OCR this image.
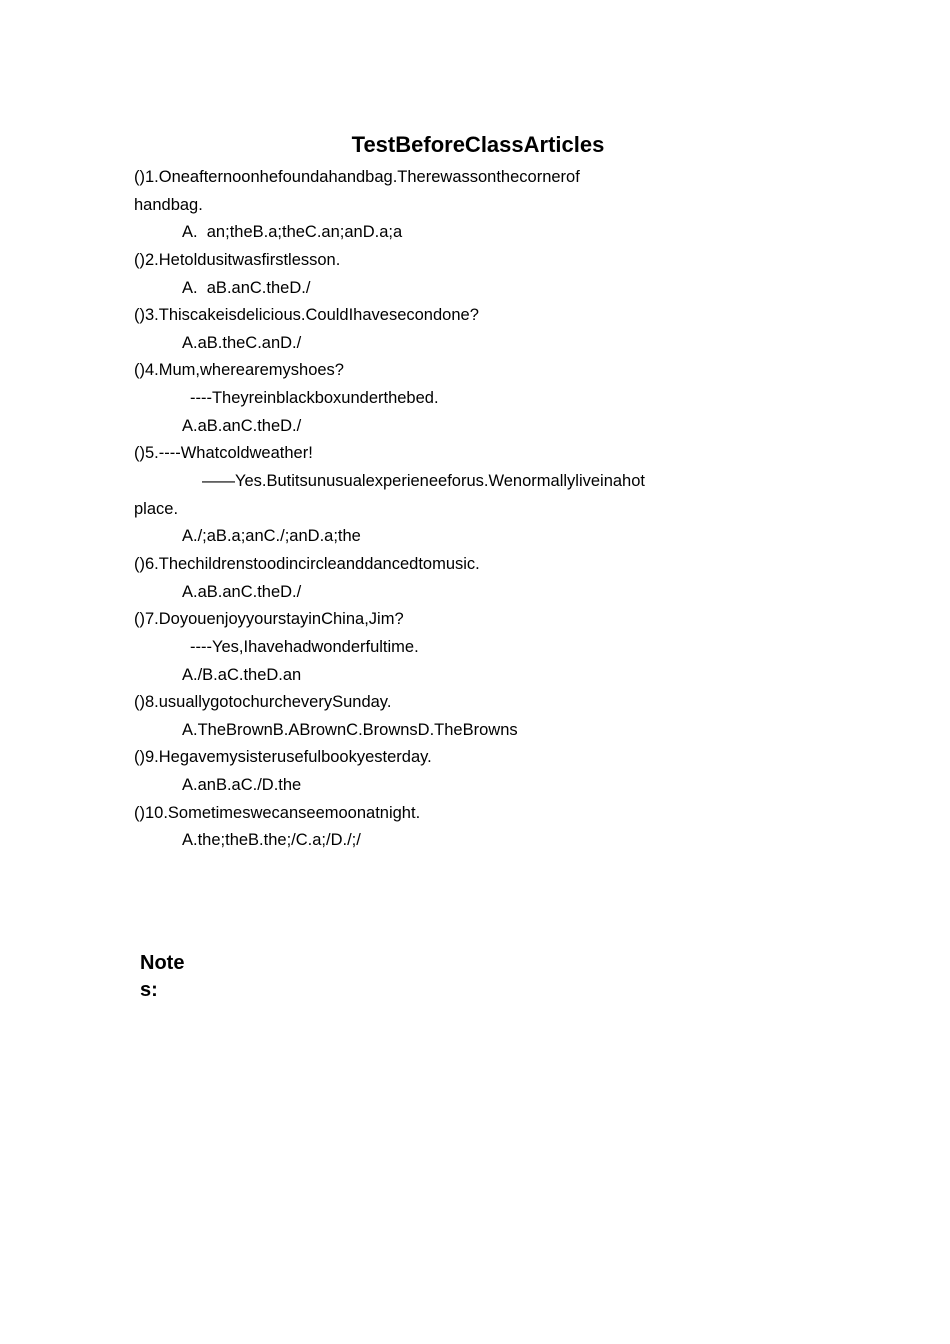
TestBeforeClassArticles
()1.Oneafternoonhefoundahandbag.Therewassonthecornerof
handbag.
A.  an;theB.a;theC.an;anD.a;a
()2.Hetoldusitwasfirstlesson.
A.  aB.anC.theD./
()3.Thiscakeisdelicious.CouldIhavesecondone?
A.aB.theC.anD./
()4.Mum,wherearemyshoes?
----Theyreinblackboxunderthebed.
A.aB.anC.theD./
()5.----Whatcoldweather!
——Yes.Butitsunusualexperieneeforus.Wenormallyliveinahot
place.
A./;aB.a;anC./;anD.a;the
()6.Thechildrenstoodincircleanddancedtomusic.
A.aB.anC.theD./
()7.DoyouenjoyyourstayinChina,Jim?
----Yes,Ihavehadwonderfultime.
A./B.aC.theD.an
()8.usuallygotochurcheverySunday.
A.TheBrownB.ABrownC.BrownsD.TheBrowns
()9.Hegavemysisterusefulbookyesterday.
A.anB.aC./D.the
()10.Sometimeswecanseemoonatnight.
A.the;theB.the;/C.a;/D./;/
Notes:
